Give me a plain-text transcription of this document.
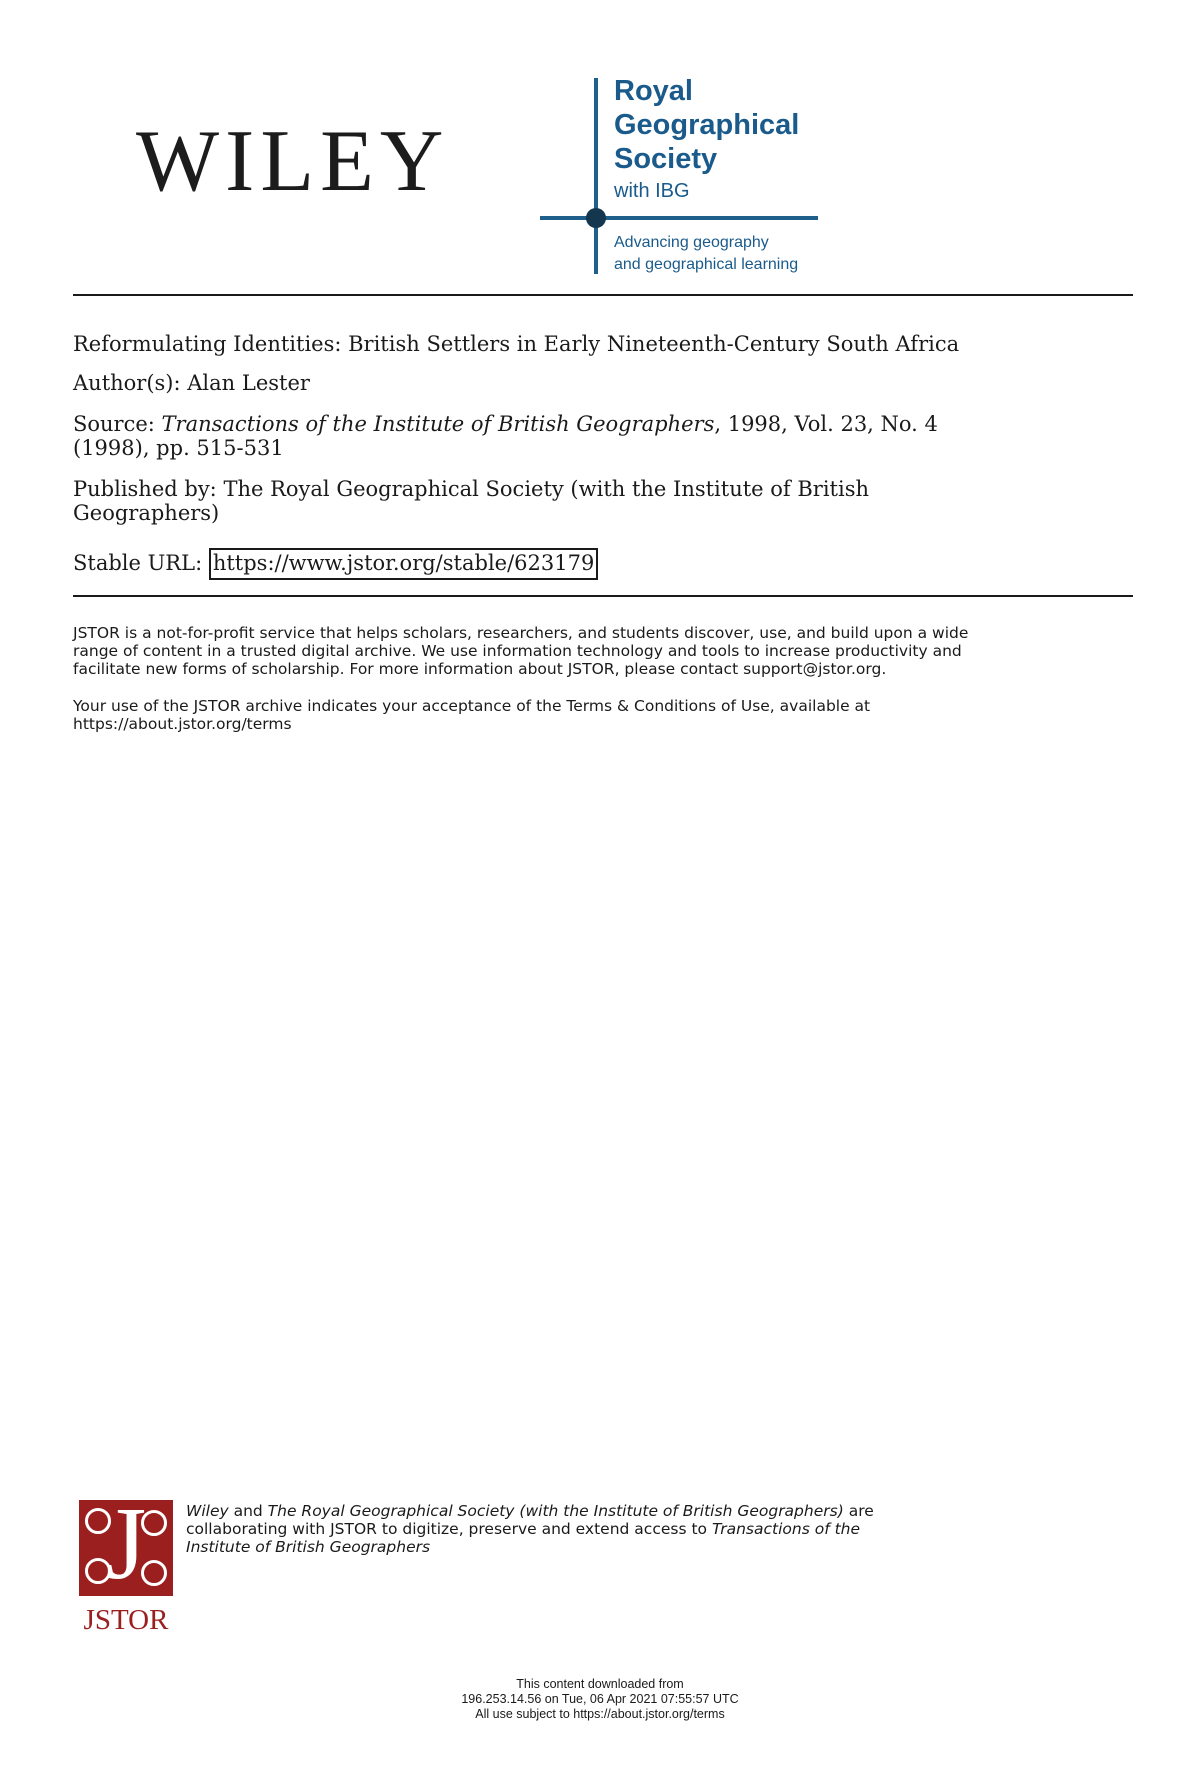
WILEY
Royal
Geographical
Society
with IBG
Advancing geography
and geographical learning
Reformulating Identities: British Settlers in Early Nineteenth-Century South Africa
Author(s): Alan Lester
Source: Transactions of the Institute of British Geographers, 1998, Vol. 23, No. 4
(1998), pp. 515-531
Published by: The Royal Geographical Society (with the Institute of British
Geographers)
Stable URL: https://www.jstor.org/stable/623179
JSTOR is a not-for-profit service that helps scholars, researchers, and students discover, use, and build upon a wide
range of content in a trusted digital archive. We use information technology and tools to increase productivity and
facilitate new forms of scholarship. For more information about JSTOR, please contact support@jstor.org.
Your use of the JSTOR archive indicates your acceptance of the Terms & Conditions of Use, available at
https://about.jstor.org/terms
J
JSTOR
Wiley and The Royal Geographical Society (with the Institute of British Geographers) are
collaborating with JSTOR to digitize, preserve and extend access to Transactions of the
Institute of British Geographers
This content downloaded from
196.253.14.56 on Tue, 06 Apr 2021 07:55:57 UTC
All use subject to https://about.jstor.org/terms
